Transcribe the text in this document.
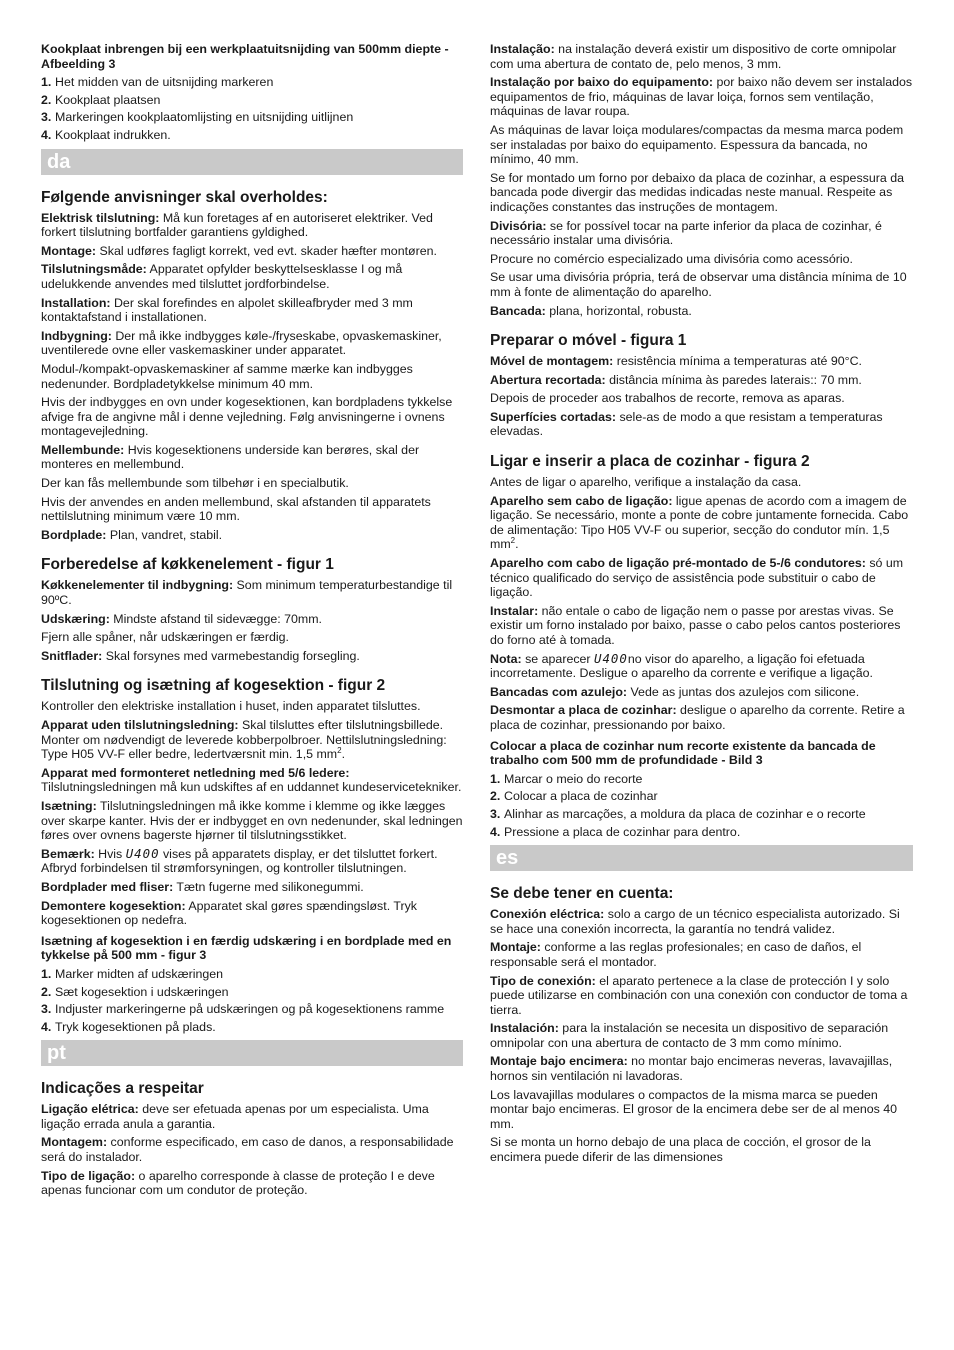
Kookplaat inbrengen bij een werkplaatuitsnijding van 500mm diepte - Afbeelding 3
1. Het midden van de uitsnijding markeren
2. Kookplaat plaatsen
3. Markeringen kookplaatomlijsting en uitsnijding uitlijnen
4. Kookplaat indrukken.
da
Følgende anvisninger skal overholdes:
Elektrisk tilslutning: Må kun foretages af en autoriseret elektriker. Ved forkert tilslutning bortfalder garantiens gyldighed.
Montage: Skal udføres fagligt korrekt, ved evt. skader hæfter montøren.
Tilslutningsmåde: Apparatet opfylder beskyttelsesklasse I og må udelukkende anvendes med tilsluttet jordforbindelse.
Installation: Der skal forefindes en alpolet skilleafbryder med 3 mm kontaktafstand i installationen.
Indbygning: Der må ikke indbygges køle-/fryseskabe, opvaskemaskiner, uventilerede ovne eller vaskemaskiner under apparatet.
Modul-/kompakt-opvaskemaskiner af samme mærke kan indbygges nedenunder. Bordpladetykkelse minimum 40 mm.
Hvis der indbygges en ovn under kogesektionen, kan bordpladens tykkelse afvige fra de angivne mål i denne vejledning. Følg anvisningerne i ovnens montagevejledning.
Mellembunde: Hvis kogesektionens underside kan berøres, skal der monteres en mellembund.
Der kan fås mellembunde som tilbehør i en specialbutik.
Hvis der anvendes en anden mellembund, skal afstanden til apparatets nettilslutning minimum være 10 mm.
Bordplade: Plan, vandret, stabil.
Forberedelse af køkkenelement - figur 1
Køkkenelementer til indbygning: Som minimum temperaturbestandige til 90ºC.
Udskæring: Mindste afstand til sidevægge: 70mm.
Fjern alle spåner, når udskæringen er færdig.
Snitflader: Skal forsynes med varmebestandig forsegling.
Tilslutning og isætning af kogesektion - figur 2
Kontroller den elektriske installation i huset, inden apparatet tilsluttes.
Apparat uden tilslutningsledning: Skal tilsluttes efter tilslutningsbillede. Monter om nødvendigt de leverede kobberpolbroer. Nettilslutningsledning: Type H05 VV-F eller bedre, ledertværsnit min. 1,5 $mm^2$.
Apparat med formonteret netledning med 5/6 ledere: Tilslutningsledningen må kun udskiftes af en uddannet kundeservicetekniker.
Isætning: Tilslutningsledningen må ikke komme i klemme og ikke lægges over skarpe kanter. Hvis der er indbygget en ovn nedenunder, skal ledningen føres over ovnens bagerste hjørner til tilslutningsstikket.
Bemærk: Hvis U400 vises på apparatets display, er det tilsluttet forkert. Afbryd forbindelsen til strømforsyningen, og kontroller tilslutningen.
Bordplader med fliser: Tætn fugerne med silikonegummi.
Demontere kogesektion: Apparatet skal gøres spændingsløst. Tryk kogesektionen op nedefra.
Isætning af kogesektion i en færdig udskæring i en bordplade med en tykkelse på 500 mm - figur 3
1. Marker midten af udskæringen
2. Sæt kogesektion i udskæringen
3. Indjuster markeringerne på udskæringen og på kogesektionens ramme
4. Tryk kogesektionen på plads.
pt
Indicações a respeitar
Ligação elétrica: deve ser efetuada apenas por um especialista. Uma ligação errada anula a garantia.
Montagem: conforme especificado, em caso de danos, a responsabilidade será do instalador.
Tipo de ligação: o aparelho corresponde à classe de proteção I e deve apenas funcionar com um condutor de proteção.
Instalação: na instalação deverá existir um dispositivo de corte omnipolar com uma abertura de contato de, pelo menos, 3 mm.
Instalação por baixo do equipamento: por baixo não devem ser instalados equipamentos de frio, máquinas de lavar loiça, fornos sem ventilação, máquinas de lavar roupa.
As máquinas de lavar loiça modulares/compactas da mesma marca podem ser instaladas por baixo do equipamento. Espessura da bancada, no mínimo, 40 mm.
Se for montado um forno por debaixo da placa de cozinhar, a espessura da bancada pode divergir das medidas indicadas neste manual. Respeite as indicações constantes das instruções de montagem.
Divisória: se for possível tocar na parte inferior da placa de cozinhar, é necessário instalar uma divisória.
Procure no comércio especializado uma divisória como acessório.
Se usar uma divisória própria, terá de observar uma distância mínima de 10 mm à fonte de alimentação do aparelho.
Bancada: plana, horizontal, robusta.
Preparar o móvel - figura 1
Móvel de montagem: resistência mínima a temperaturas até 90°C.
Abertura recortada: distância mínima às paredes laterais:: 70 mm.
Depois de proceder aos trabalhos de recorte, remova as aparas.
Superfícies cortadas: sele-as de modo a que resistam a temperaturas elevadas.
Ligar e inserir a placa de cozinhar - figura 2
Antes de ligar o aparelho, verifique a instalação da casa.
Aparelho sem cabo de ligação: ligue apenas de acordo com a imagem de ligação. Se necessário, monte a ponte de cobre juntamente fornecida. Cabo de alimentação: Tipo H05 VV-F ou superior, secção do condutor mín. 1,5 $mm^2$.
Aparelho com cabo de ligação pré-montado de 5-/6 condutores: só um técnico qualificado do serviço de assistência pode substituir o cabo de ligação.
Instalar: não entale o cabo de ligação nem o passe por arestas vivas. Se existir um forno instalado por baixo, passe o cabo pelos cantos posteriores do forno até à tomada.
Nota: se aparecer U400no visor do aparelho, a ligação foi efetuada incorretamente. Desligue o aparelho da corrente e verifique a ligação.
Bancadas com azulejo: Vede as juntas dos azulejos com silicone.
Desmontar a placa de cozinhar: desligue o aparelho da corrente. Retire a placa de cozinhar, pressionando por baixo.
Colocar a placa de cozinhar num recorte existente da bancada de trabalho com 500 mm de profundidade - Bild 3
1. Marcar o meio do recorte
2. Colocar a placa de cozinhar
3. Alinhar as marcações, a moldura da placa de cozinhar e o recorte
4. Pressione a placa de cozinhar para dentro.
es
Se debe tener en cuenta:
Conexión eléctrica: solo a cargo de un técnico especialista autorizado. Si se hace una conexión incorrecta, la garantía no tendrá validez.
Montaje: conforme a las reglas profesionales; en caso de daños, el responsable será el montador.
Tipo de conexión: el aparato pertenece a la clase de protección I y solo puede utilizarse en combinación con una conexión con conductor de toma a tierra.
Instalación: para la instalación se necesita un dispositivo de separación omnipolar con una abertura de contacto de 3 mm como mínimo.
Montaje bajo encimera: no montar bajo encimeras neveras, lavavajillas, hornos sin ventilación ni lavadoras.
Los lavavajillas modulares o compactos de la misma marca se pueden montar bajo encimeras. El grosor de la encimera debe ser de al menos 40 mm.
Si se monta un horno debajo de una placa de cocción, el grosor de la encimera puede diferir de las dimensiones
